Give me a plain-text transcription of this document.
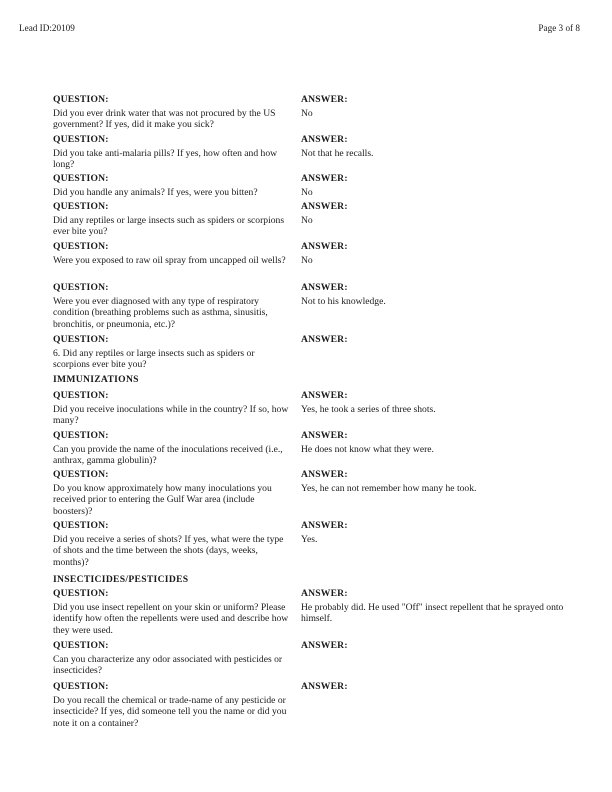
Lead ID:20109	Page 3 of 8
QUESTION:
Did you ever drink water that was not procured by the US government? If yes, did it make you sick?
ANSWER:
No
QUESTION:
Did you take anti-malaria pills? If yes, how often and how long?
ANSWER:
Not that he recalls.
QUESTION:
Did you handle any animals? If yes, were you bitten?
ANSWER:
No
QUESTION:
Did any reptiles or large insects such as spiders or scorpions ever bite you?
ANSWER:
No
QUESTION:
Were you exposed to raw oil spray from uncapped oil wells?
ANSWER:
No
QUESTION:
Were you ever diagnosed with any type of respiratory condition (breathing problems such as asthma, sinusitis, bronchitis, or pneumonia, etc.)?
ANSWER:
Not to his knowledge.
QUESTION:
6. Did any reptiles or large insects such as spiders or scorpions ever bite you?
ANSWER:
IMMUNIZATIONS
QUESTION:
Did you receive inoculations while in the country? If so, how many?
ANSWER:
Yes, he took a series of three shots.
QUESTION:
Can you provide the name of the inoculations received (i.e., anthrax, gamma globulin)?
ANSWER:
He does not know what they were.
QUESTION:
Do you know approximately how many inoculations you received prior to entering the Gulf War area (include boosters)?
ANSWER:
Yes, he can not remember how many he took.
QUESTION:
Did you receive a series of shots? If yes, what were the type of shots and the time between the shots (days, weeks, months)?
ANSWER:
Yes.
INSECTICIDES/PESTICIDES
QUESTION:
Did you use insect repellent on your skin or uniform? Please identify how often the repellents were used and describe how they were used.
ANSWER:
He probably did. He used "Off" insect repellent that he sprayed onto himself.
QUESTION:
Can you characterize any odor associated with pesticides or insecticides?
ANSWER:
QUESTION:
Do you recall the chemical or trade-name of any pesticide or insecticide? If yes, did someone tell you the name or did you note it on a container?
ANSWER:
